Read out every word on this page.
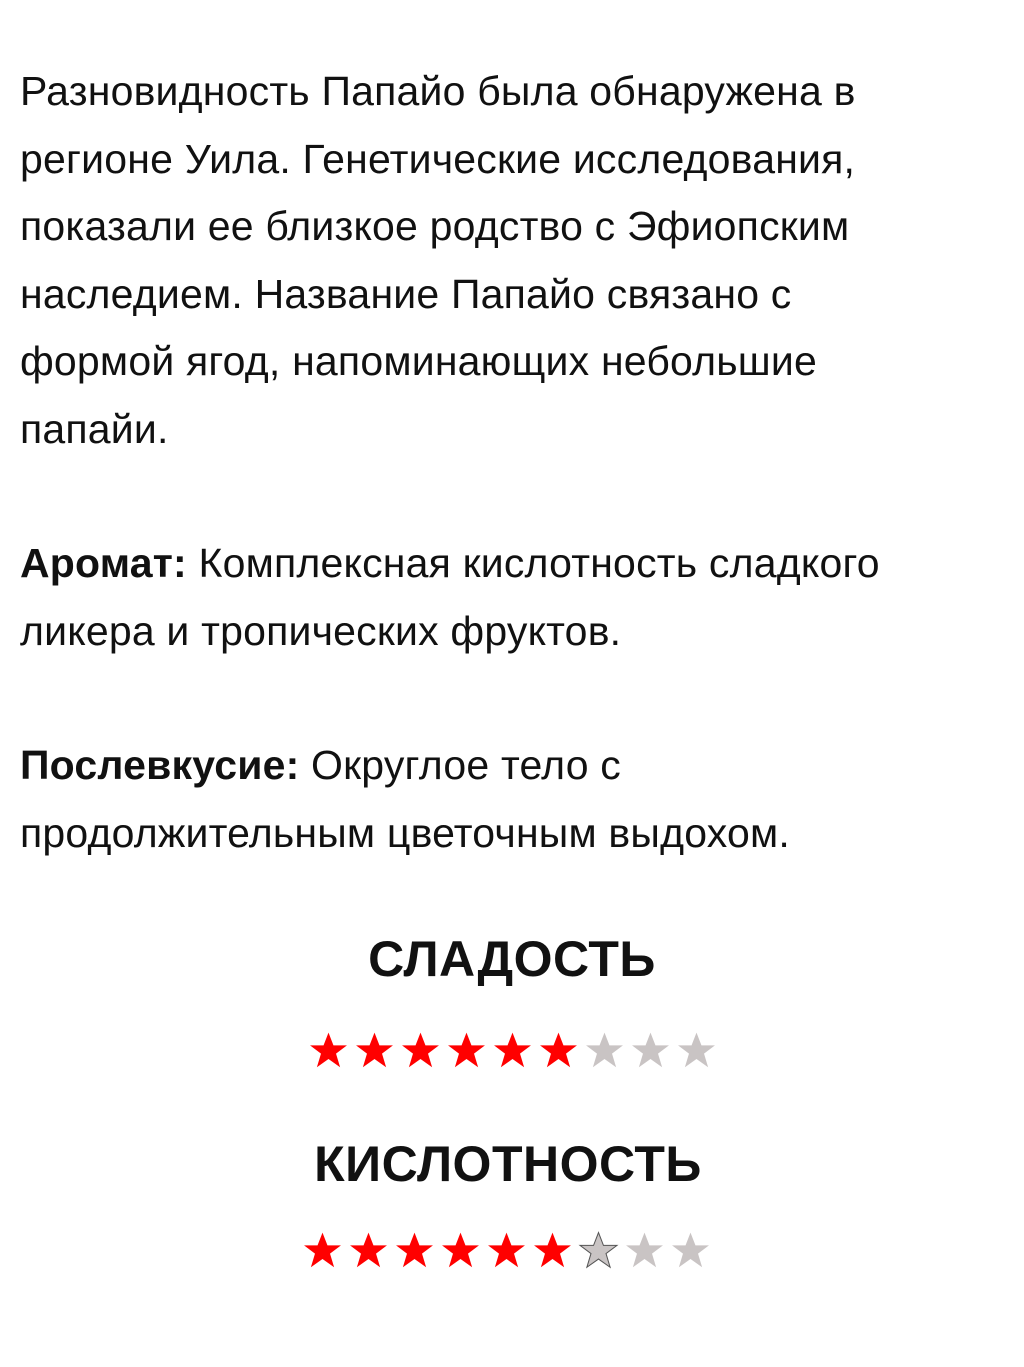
Разновидность Папайо была обнаружена в
регионе Уила. Генетические исследования,
показали ее близкое родство с Эфиопским
наследием. Название Папайо связано с
формой ягод, напоминающих небольшие
папайи.
Аромат: Комплексная кислотность сладкого
ликера и тропических фруктов.
Послевкусие: Округлое тело с
продолжительным цветочным выдохом.
СЛАДОСТЬ
КИСЛОТНОСТЬ
